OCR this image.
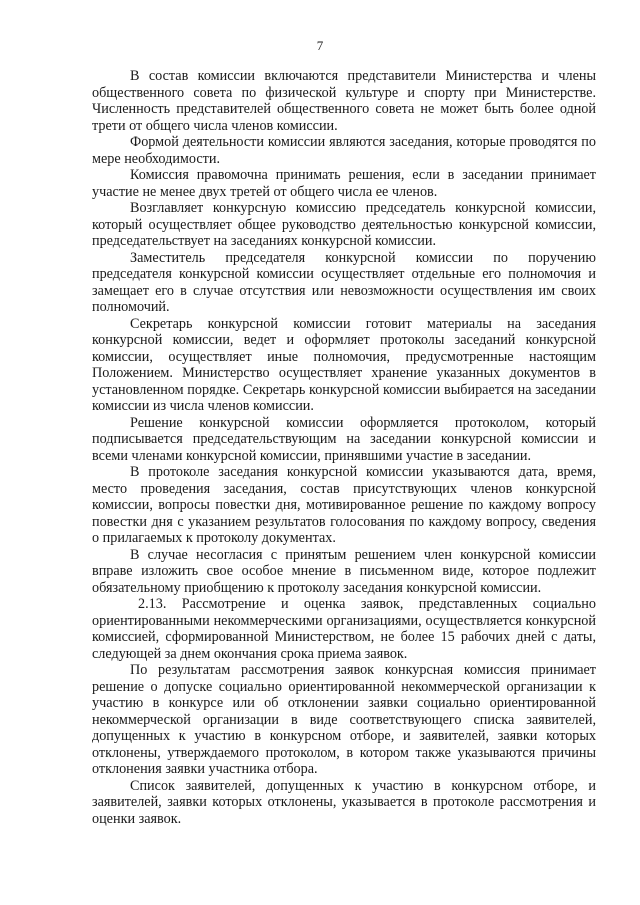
7

В состав комиссии включаются представители Министерства и члены общественного совета по физической культуре и спорту при Министерстве. Численность представителей общественного совета не может быть более одной трети от общего числа членов комиссии.

Формой деятельности комиссии являются заседания, которые проводятся по мере необходимости.

Комиссия правомочна принимать решения, если в заседании принимает участие не менее двух третей от общего числа ее членов.

Возглавляет конкурсную комиссию председатель конкурсной комиссии, который осуществляет общее руководство деятельностью конкурсной комиссии, председательствует на заседаниях конкурсной комиссии.

Заместитель председателя конкурсной комиссии по поручению председателя конкурсной комиссии осуществляет отдельные его полномочия и замещает его в случае отсутствия или невозможности осуществления им своих полномочий.

Секретарь конкурсной комиссии готовит материалы на заседания конкурсной комиссии, ведет и оформляет протоколы заседаний конкурсной комиссии, осуществляет иные полномочия, предусмотренные настоящим Положением. Министерство осуществляет хранение указанных документов в установленном порядке. Секретарь конкурсной комиссии выбирается на заседании комиссии из числа членов комиссии.

Решение конкурсной комиссии оформляется протоколом, который подписывается председательствующим на заседании конкурсной комиссии и всеми членами конкурсной комиссии, принявшими участие в заседании.

В протоколе заседания конкурсной комиссии указываются дата, время, место проведения заседания, состав присутствующих членов конкурсной комиссии, вопросы повестки дня, мотивированное решение по каждому вопросу повестки дня с указанием результатов голосования по каждому вопросу, сведения о прилагаемых к протоколу документах.

В случае несогласия с принятым решением член конкурсной комиссии вправе изложить свое особое мнение в письменном виде, которое подлежит обязательному приобщению к протоколу заседания конкурсной комиссии.

2.13. Рассмотрение и оценка заявок, представленных социально ориентированными некоммерческими организациями, осуществляется конкурсной комиссией, сформированной Министерством, не более 15 рабочих дней с даты, следующей за днем окончания срока приема заявок.

По результатам рассмотрения заявок конкурсная комиссия принимает решение о допуске социально ориентированной некоммерческой организации к участию в конкурсе или об отклонении заявки социально ориентированной некоммерческой организации в виде соответствующего списка заявителей, допущенных к участию в конкурсном отборе, и заявителей, заявки которых отклонены, утверждаемого протоколом, в котором также указываются причины отклонения заявки участника отбора.

Список заявителей, допущенных к участию в конкурсном отборе, и заявителей, заявки которых отклонены, указывается в протоколе рассмотрения и оценки заявок.
